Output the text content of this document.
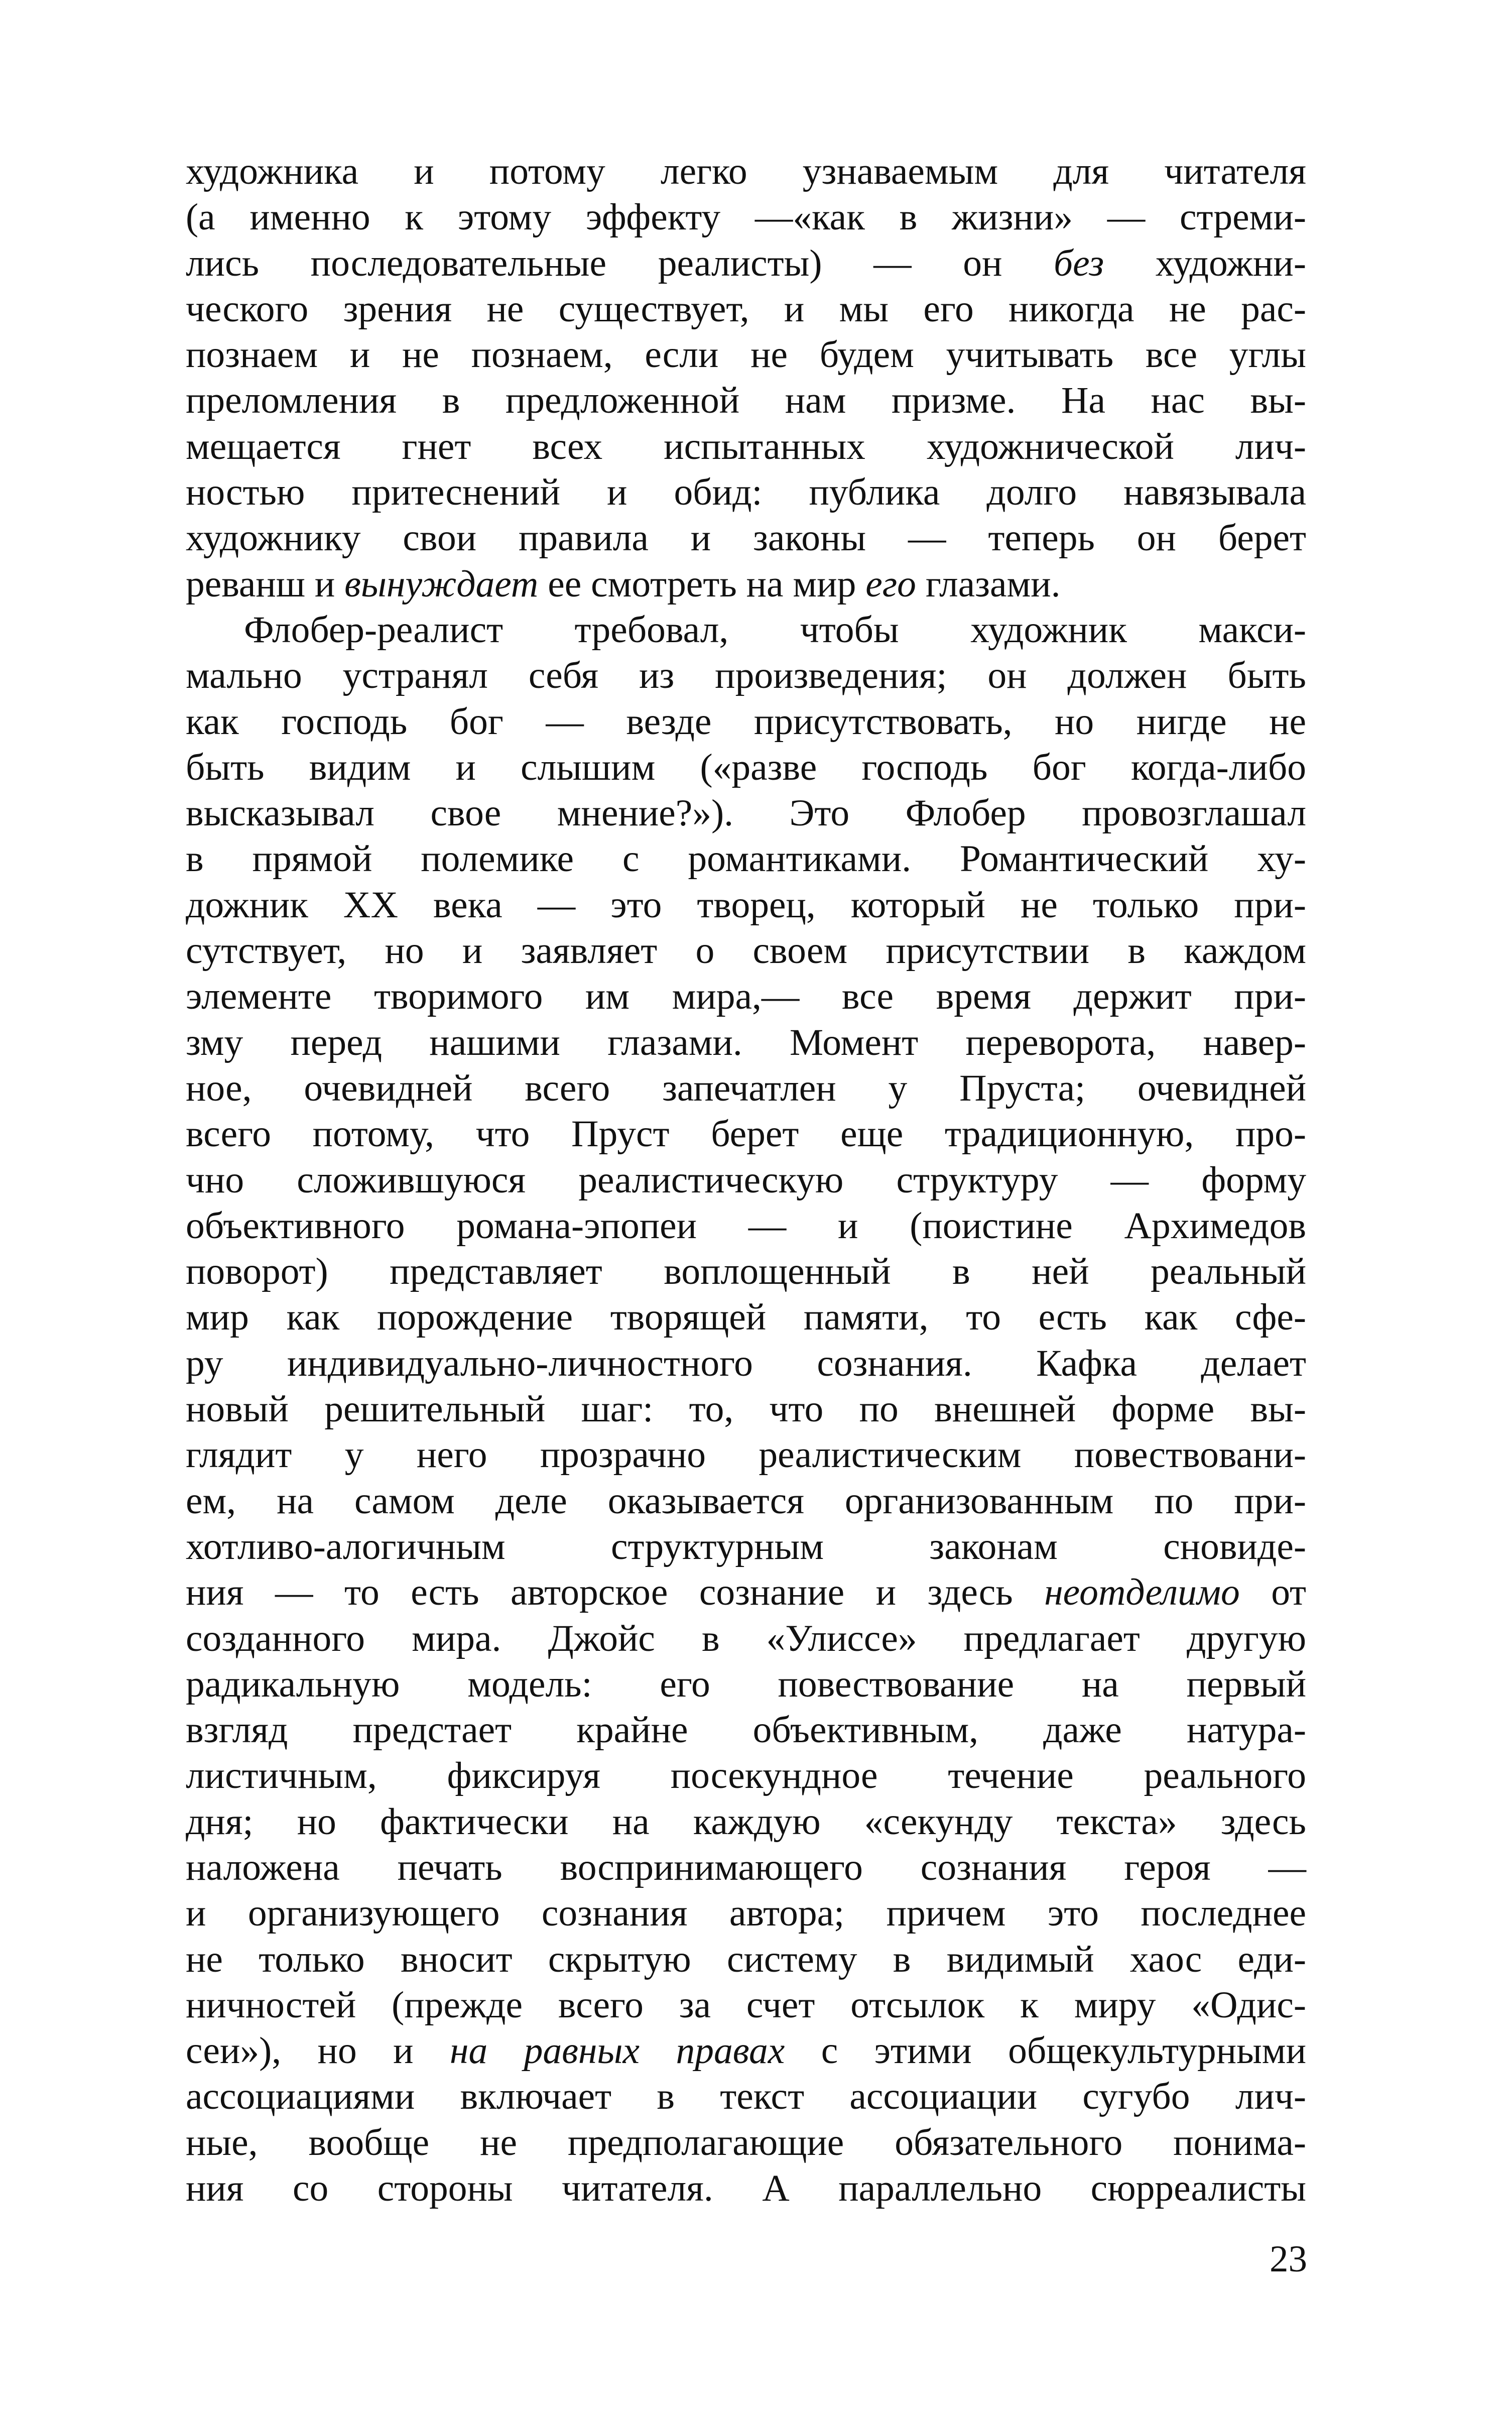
художника и потому легко узнаваемым для читателя
(а именно к этому эффекту —«как в жизни» — стреми-
лись последовательные реалисты) — он без художни-
ческого зрения не существует, и мы его никогда не рас-
познаем и не познаем, если не будем учитывать все углы
преломления в предложенной нам призме. На нас вы-
мещается гнет всех испытанных художнической лич-
ностью притеснений и обид: публика долго навязывала
художнику свои правила и законы — теперь он берет
реванш и вынуждает ее смотреть на мир его глазами.
Флобер-реалист требовал, чтобы художник макси-
мально устранял себя из произведения; он должен быть
как господь бог — везде присутствовать, но нигде не
быть видим и слышим («разве господь бог когда-либо
высказывал свое мнение?»). Это Флобер провозглашал
в прямой полемике с романтиками. Романтический ху-
дожник XX века — это творец, который не только при-
сутствует, но и заявляет о своем присутствии в каждом
элементе творимого им мира,— все время держит при-
зму перед нашими глазами. Момент переворота, навер-
ное, очевидней всего запечатлен у Пруста; очевидней
всего потому, что Пруст берет еще традиционную, про-
чно сложившуюся реалистическую структуру — форму
объективного романа-эпопеи — и (поистине Архимедов
поворот) представляет воплощенный в ней реальный
мир как порождение творящей памяти, то есть как сфе-
ру индивидуально-личностного сознания. Кафка делает
новый решительный шаг: то, что по внешней форме вы-
глядит у него прозрачно реалистическим повествовани-
ем, на самом деле оказывается организованным по при-
хотливо-алогичным структурным законам сновиде-
ния — то есть авторское сознание и здесь неотделимо от
созданного мира. Джойс в «Улиссе» предлагает другую
радикальную модель: его повествование на первый
взгляд предстает крайне объективным, даже натура-
листичным, фиксируя посекундное течение реального
дня; но фактически на каждую «секунду текста» здесь
наложена печать воспринимающего сознания героя —
и организующего сознания автора; причем это последнее
не только вносит скрытую систему в видимый хаос еди-
ничностей (прежде всего за счет отсылок к миру «Одис-
сеи»), но и на равных правах с этими общекультурными
ассоциациями включает в текст ассоциации сугубо лич-
ные, вообще не предполагающие обязательного понима-
ния со стороны читателя. А параллельно сюрреалисты
23
